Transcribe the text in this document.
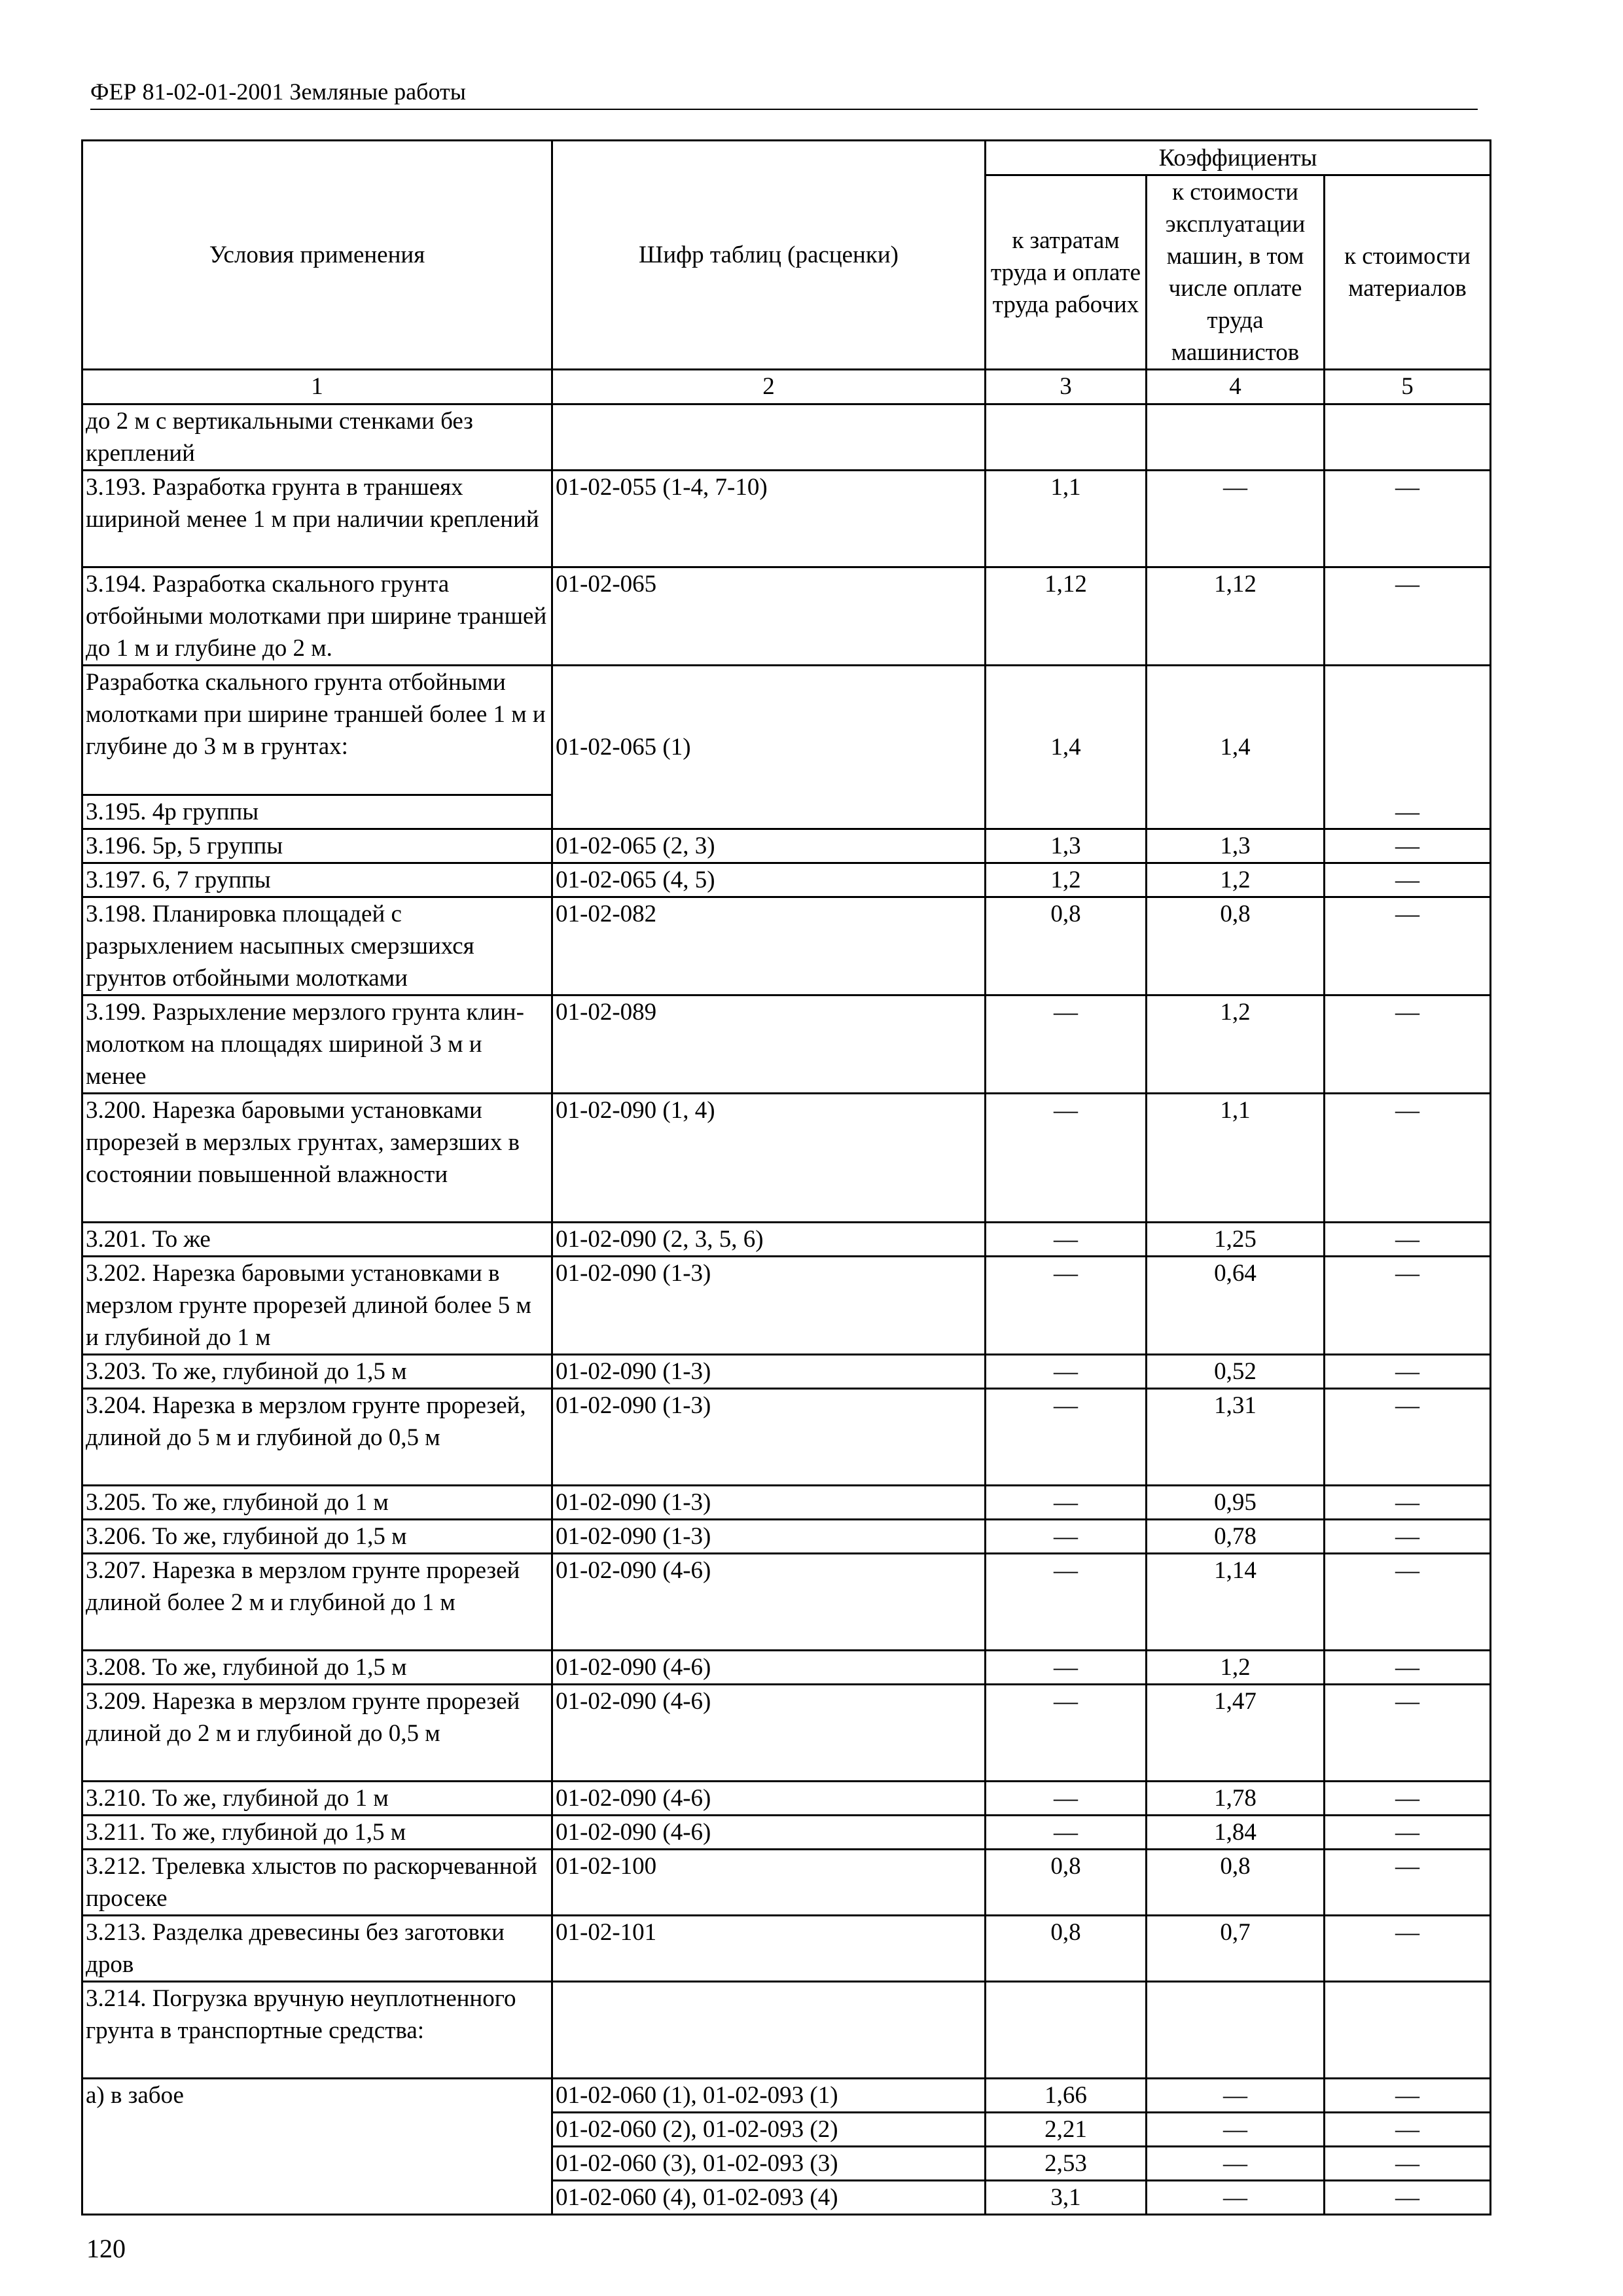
ФЕР 81-02-01-2001 Земляные работы
Условия применения	Шифр таблиц (расценки)	Коэффициенты		
		к затратам труда и оплате труда рабочих	к стоимости эксплуатации машин, в том числе оплате труда машинистов	к стоимости материалов
1	2	3	4	5
до 2 м с вертикальными стенками без креплений				
3.193. Разработка грунта в траншеях шириной менее 1 м при наличии креплений	01-02-055 (1-4, 7-10)	1,1	—	—
3.194. Разработка скального грунта отбойными молотками при ширине траншей до 1 м и глубине до 2 м.	01-02-065	1,12	1,12	—
Разработка скального грунта отбойными молотками при ширине траншей более 1 м и глубине до 3 м в грунтах:	01-02-065 (1)	1,4	1,4	—
3.195. 4р группы				
3.196. 5р, 5 группы	01-02-065 (2, 3)	1,3	1,3	—
3.197. 6, 7 группы	01-02-065 (4, 5)	1,2	1,2	—
3.198. Планировка площадей с разрыхлением насыпных смерзшихся грунтов отбойными молотками	01-02-082	0,8	0,8	—
3.199. Разрыхление мерзлого грунта клин-молотком на площадях шириной 3 м и менее	01-02-089	—	1,2	—
3.200. Нарезка баровыми установками прорезей в мерзлых грунтах, замерзших в состоянии повышенной влажности	01-02-090 (1, 4)	—	1,1	—
3.201. То же	01-02-090 (2, 3, 5, 6)	—	1,25	—
3.202. Нарезка баровыми установками в мерзлом грунте прорезей длиной более 5 м и глубиной до 1 м	01-02-090 (1-3)	—	0,64	—
3.203. То же, глубиной до 1,5 м	01-02-090 (1-3)	—	0,52	—
3.204. Нарезка в мерзлом грунте прорезей, длиной до 5 м и глубиной до 0,5 м	01-02-090 (1-3)	—	1,31	—
3.205. То же, глубиной до 1 м	01-02-090 (1-3)	—	0,95	—
3.206. То же, глубиной до 1,5 м	01-02-090 (1-3)	—	0,78	—
3.207. Нарезка в мерзлом грунте прорезей длиной более 2 м и глубиной до 1 м	01-02-090 (4-6)	—	1,14	—
3.208. То же, глубиной до 1,5 м	01-02-090 (4-6)	—	1,2	—
3.209. Нарезка в мерзлом грунте прорезей длиной до 2 м и глубиной до 0,5 м	01-02-090 (4-6)	—	1,47	—
3.210. То же, глубиной до 1 м	01-02-090 (4-6)	—	1,78	—
3.211. То же, глубиной до 1,5 м	01-02-090 (4-6)	—	1,84	—
3.212. Трелевка хлыстов по раскорчеванной просеке	01-02-100	0,8	0,8	—
3.213. Разделка древесины без заготовки дров	01-02-101	0,8	0,7	—
3.214. Погрузка вручную неуплотненного грунта в транспортные средства:				
а) в забое	01-02-060 (1), 01-02-093 (1)	1,66	—	—
	01-02-060 (2), 01-02-093 (2)	2,21	—	—
	01-02-060 (3), 01-02-093 (3)	2,53	—	—
	01-02-060 (4), 01-02-093 (4)	3,1	—	—
120
